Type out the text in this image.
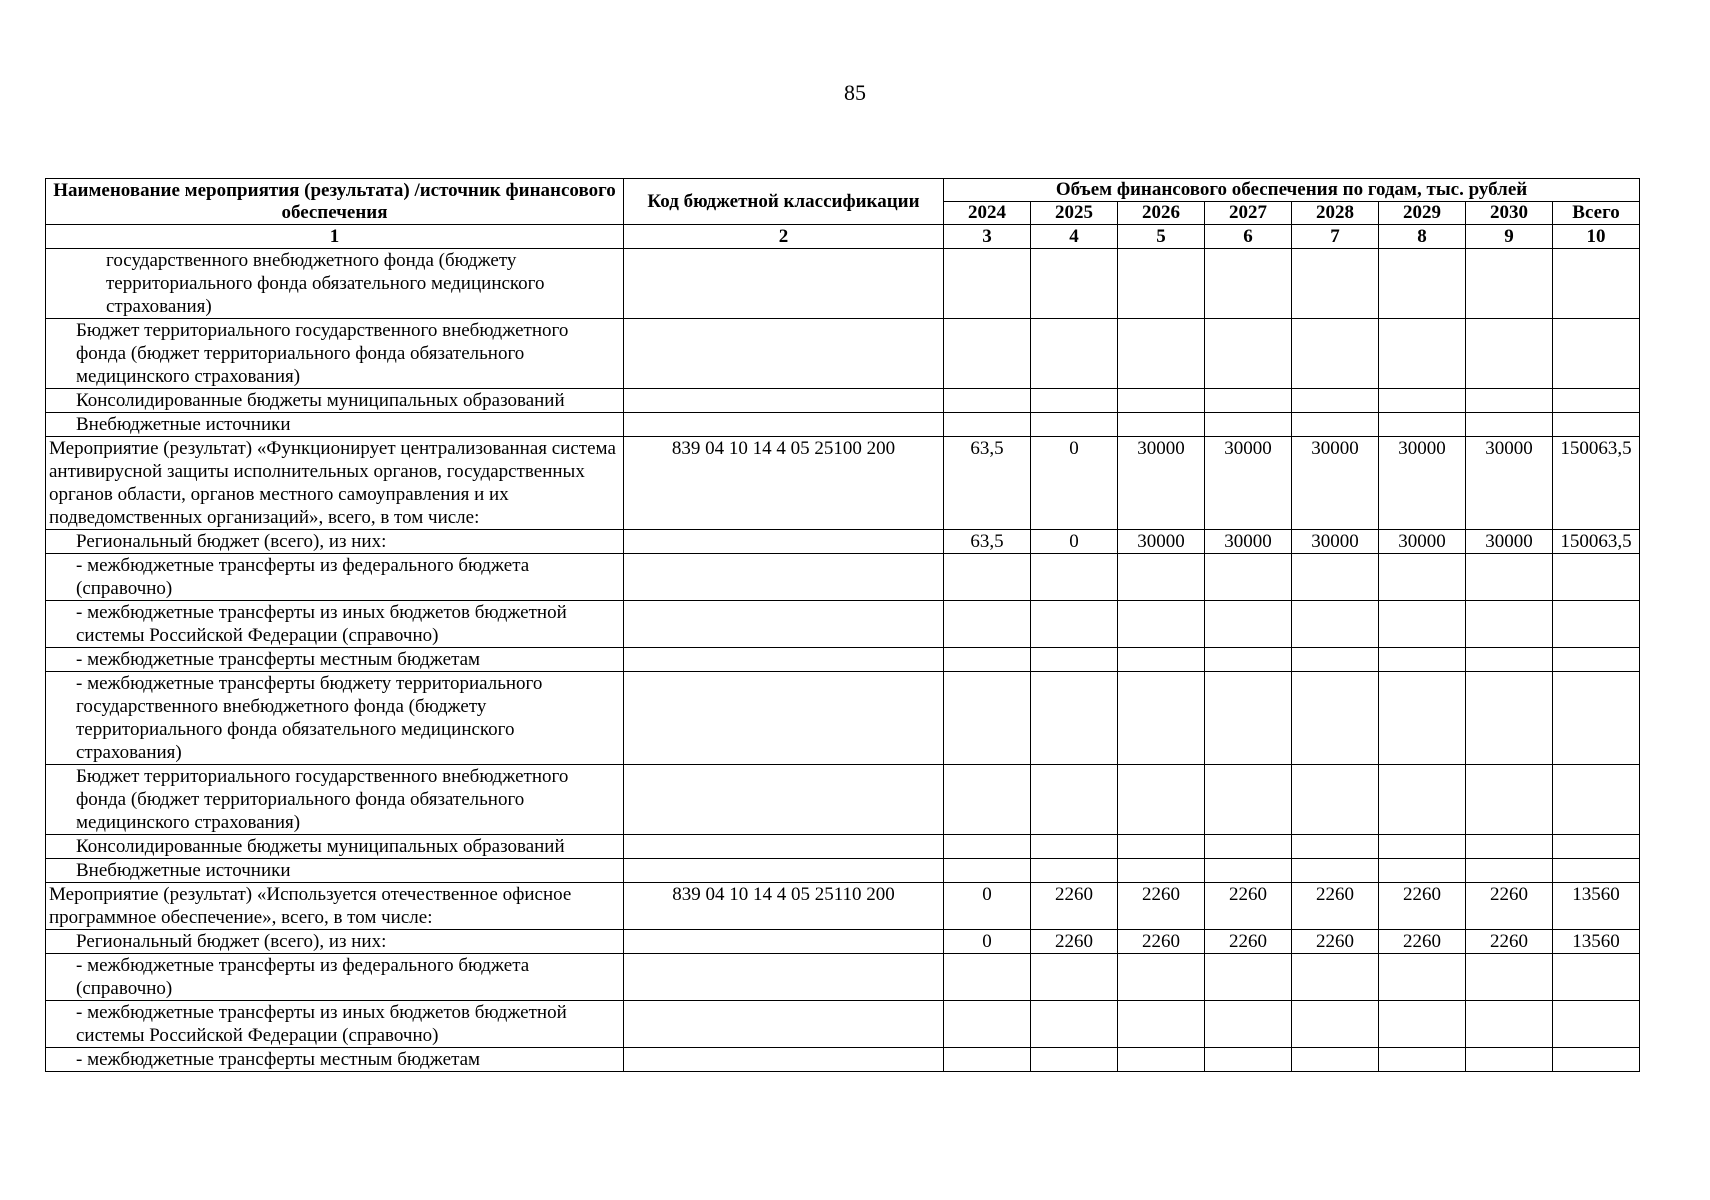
85
Наименование мероприятия (результата) /источник финансового обеспечения	Код бюджетной классификации	Объем финансового обеспечения по годам, тыс. рублей							
		2024	2025	2026	2027	2028	2029	2030	Всего
1	2	3	4	5	6	7	8	9	10
государственного внебюджетного фонда (бюджету территориального фонда обязательного медицинского страхования)									
Бюджет территориального государственного внебюджетного фонда (бюджет территориального фонда обязательного медицинского страхования)									
Консолидированные бюджеты муниципальных образований									
Внебюджетные источники									
Мероприятие (результат) «Функционирует централизованная система антивирусной защиты исполнительных органов, государственных органов области, органов местного самоуправления и их подведомственных организаций», всего, в том числе:	839 04 10 14 4 05 25100 200	63,5	0	30000	30000	30000	30000	30000	150063,5
Региональный бюджет (всего), из них:		63,5	0	30000	30000	30000	30000	30000	150063,5
- межбюджетные трансферты из федерального бюджета (справочно)									
- межбюджетные трансферты из иных бюджетов бюджетной системы Российской Федерации (справочно)									
- межбюджетные трансферты местным бюджетам									
- межбюджетные трансферты бюджету территориального государственного внебюджетного фонда (бюджету территориального фонда обязательного медицинского страхования)									
Бюджет территориального государственного внебюджетного фонда (бюджет территориального фонда обязательного медицинского страхования)									
Консолидированные бюджеты муниципальных образований									
Внебюджетные источники									
Мероприятие (результат) «Используется отечественное офисное программное обеспечение», всего, в том числе:	839 04 10 14 4 05 25110 200	0	2260	2260	2260	2260	2260	2260	13560
Региональный бюджет (всего), из них:		0	2260	2260	2260	2260	2260	2260	13560
- межбюджетные трансферты из федерального бюджета (справочно)									
- межбюджетные трансферты из иных бюджетов бюджетной системы Российской Федерации (справочно)									
- межбюджетные трансферты местным бюджетам									
